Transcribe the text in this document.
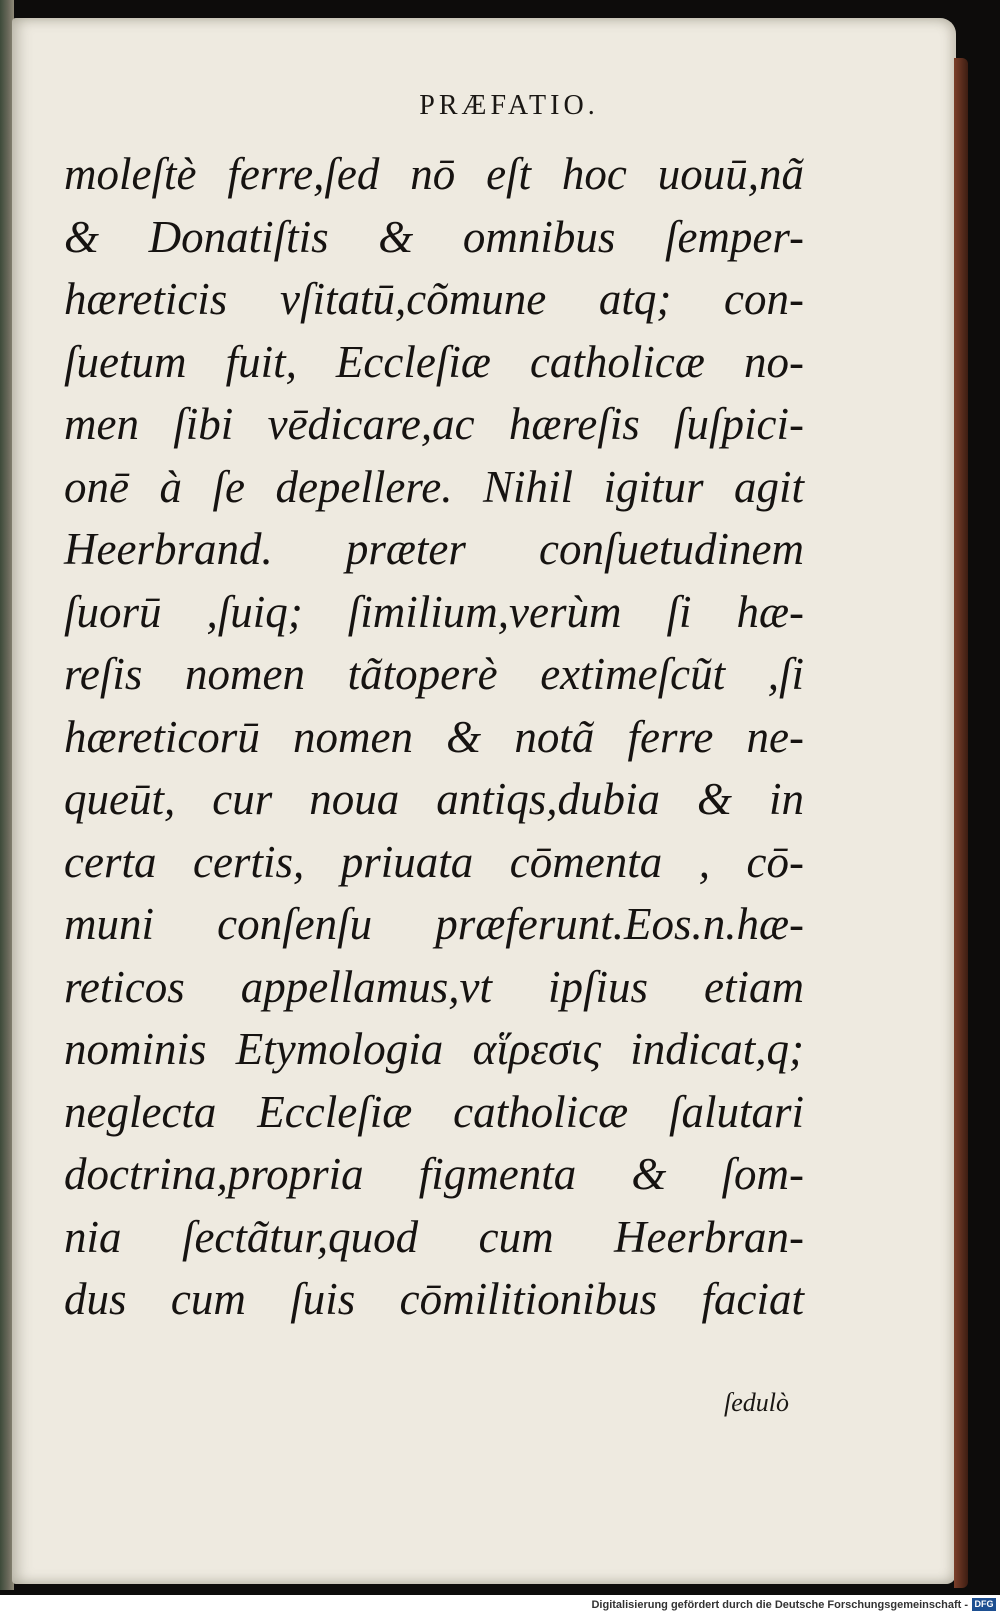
PRÆFATIO.
moleſtè ferre,ſed nō eſt hoc uouū,nã
& Donatiſtis & omnibus ſemper-
hæreticis vſitatū,cõmune atq; con-
ſuetum fuit, Eccleſiæ catholicæ no-
men ſibi vēdicare,ac hæreſis ſuſpici-
onē à ſe depellere. Nihil igitur agit
Heerbrand. præter conſuetudinem
ſuorū ,ſuiq; ſimilium,verùm ſi hæ-
reſis nomen tãtoperè extimeſcũt ,ſi
hæreticorū nomen & notã ferre ne-
queūt, cur noua antiqs,dubia & in
certa certis, priuata cōmenta , cō-
muni conſenſu præferunt.Eos.n.hæ-
reticos appellamus,vt ipſius etiam
nominis Etymologia αἵρεσις indicat,q;
neglecta Eccleſiæ catholicæ ſalutari
doctrina,propria figmenta & ſom-
nia ſectãtur,quod cum Heerbran-
dus cum ſuis cōmilitionibus faciat
ſedulò
Digitalisierung gefördert durch die Deutsche Forschungsgemeinschaft - DFG
